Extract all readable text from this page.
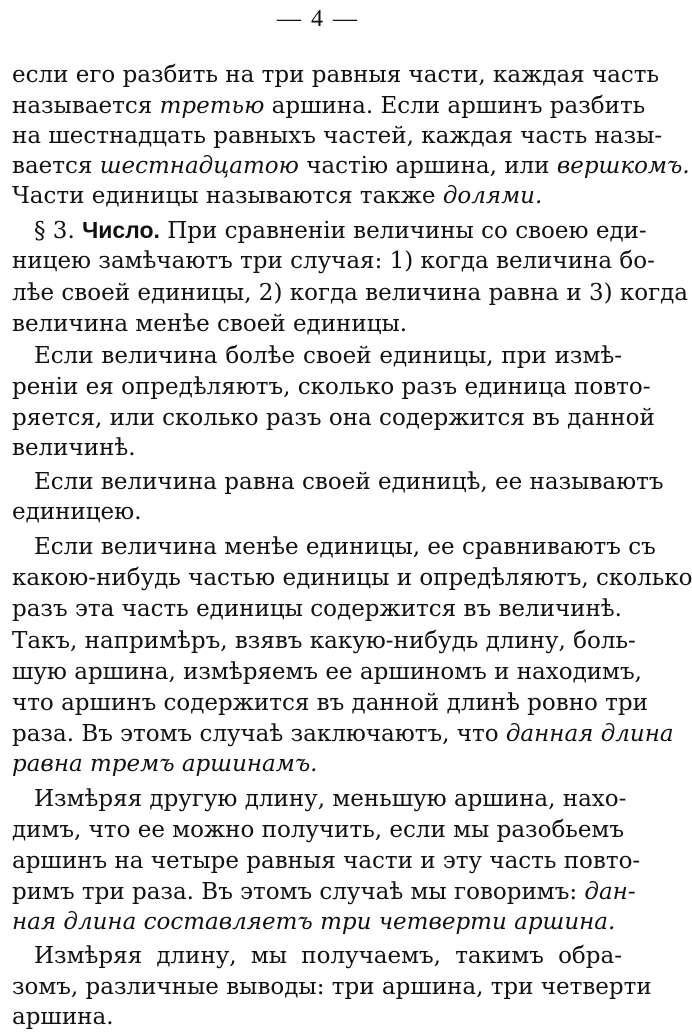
— 4 —
если его разбить на три равныя части, каждая часть
называется третью аршина. Если аршинъ разбить
на шестнадцать равныхъ частей, каждая часть назы-
вается шестнадцатою частію аршина, или вершкомъ.
Части единицы называются также долями.
§ 3. Число. При сравненіи величины со своею еди-
ницею замѣчаютъ три случая: 1) когда величина бо-
лѣе своей единицы, 2) когда величина равна и 3) когда
величина менѣе своей единицы.
Если величина болѣе своей единицы, при измѣ-
реніи ея опредѣляютъ, сколько разъ единица повто-
ряется, или сколько разъ она содержится въ данной
величинѣ.
Если величина равна своей единицѣ, ее называютъ
единицею.
Если величина менѣе единицы, ее сравниваютъ съ
какою-нибудь частью единицы и опредѣляютъ, сколько
разъ эта часть единицы содержится въ величинѣ.
Такъ, напримѣръ, взявъ какую-нибудь длину, боль-
шую аршина, измѣряемъ ее аршиномъ и находимъ,
что аршинъ содержится въ данной длинѣ ровно три
раза. Въ этомъ случаѣ заключаютъ, что данная длина
равна тремъ аршинамъ.
Измѣряя другую длину, меньшую аршина, нахо-
димъ, что ее можно получить, если мы разобьемъ
аршинъ на четыре равныя части и эту часть повто-
римъ три раза. Въ этомъ случаѣ мы говоримъ: дан-
ная длина составляетъ три четверти аршина.
Измѣряя длину, мы получаемъ, такимъ обра-
зомъ, различные выводы: три аршина, три четверти
аршина.
